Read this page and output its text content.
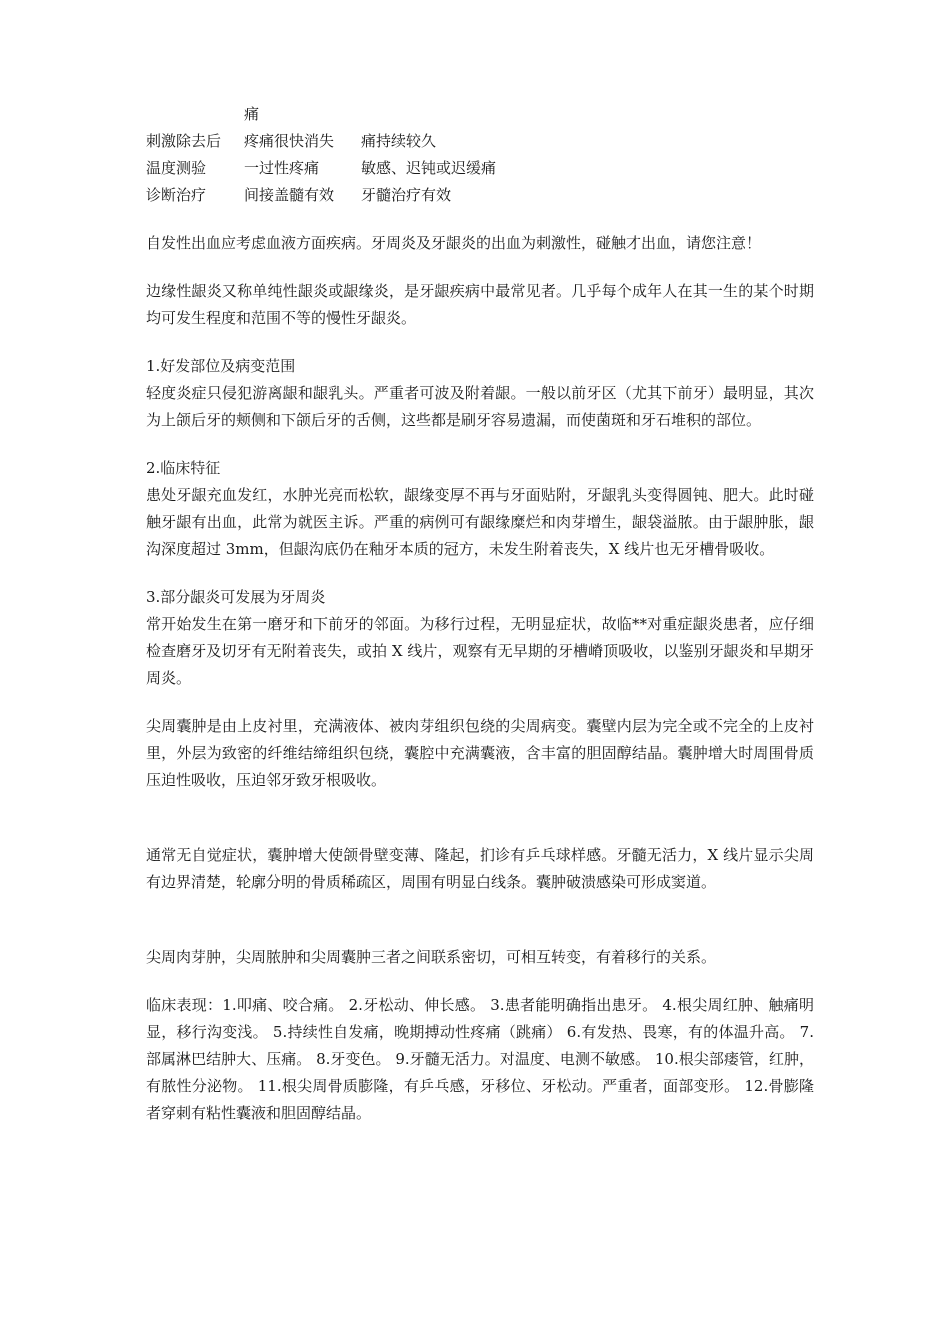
痛
刺激除去后	疼痛很快消失	痛持续较久
温度测验	一过性疼痛	敏感、迟钝或迟缓痛
诊断治疗	间接盖髓有效	牙髓治疗有效

自发性出血应考虑血液方面疾病。牙周炎及牙龈炎的出血为刺激性，碰触才出血，请您注意！

边缘性龈炎又称单纯性龈炎或龈缘炎，是牙龈疾病中最常见者。几乎每个成年人在其一生的某个时期均可发生程度和范围不等的慢性牙龈炎。

1.好发部位及病变范围

轻度炎症只侵犯游离龈和龈乳头。严重者可波及附着龈。一般以前牙区（尤其下前牙）最明显，其次为上颌后牙的颊侧和下颌后牙的舌侧，这些都是刷牙容易遗漏，而使菌斑和牙石堆积的部位。

2.临床特征

患处牙龈充血发红，水肿光亮而松软，龈缘变厚不再与牙面贴附，牙龈乳头变得圆钝、肥大。此时碰触牙龈有出血，此常为就医主诉。严重的病例可有龈缘糜烂和肉芽增生，龈袋溢脓。由于龈肿胀，龈沟深度超过 3mm，但龈沟底仍在釉牙本质的冠方，未发生附着丧失，X 线片也无牙槽骨吸收。

3.部分龈炎可发展为牙周炎

常开始发生在第一磨牙和下前牙的邻面。为移行过程，无明显症状，故临**对重症龈炎患者，应仔细检查磨牙及切牙有无附着丧失，或拍 X 线片，观察有无早期的牙槽嵴顶吸收，以鉴别牙龈炎和早期牙周炎。

尖周囊肿是由上皮衬里，充满液体、被肉芽组织包绕的尖周病变。囊壁内层为完全或不完全的上皮衬里，外层为致密的纤维结缔组织包绕，囊腔中充满囊液，含丰富的胆固醇结晶。囊肿增大时周围骨质压迫性吸收，压迫邻牙致牙根吸收。

通常无自觉症状，囊肿增大使颌骨壁变薄、隆起，扪诊有乒乓球样感。牙髓无活力，X 线片显示尖周有边界清楚，轮廓分明的骨质稀疏区，周围有明显白线条。囊肿破溃感染可形成窦道。

尖周肉芽肿，尖周脓肿和尖周囊肿三者之间联系密切，可相互转变，有着移行的关系。

临床表现：1.叩痛、咬合痛。 2.牙松动、伸长感。 3.患者能明确指出患牙。 4.根尖周红肿、触痛明显，移行沟变浅。 5.持续性自发痛，晚期搏动性疼痛（跳痛） 6.有发热、畏寒，有的体温升高。 7.部属淋巴结肿大、压痛。 8.牙变色。 9.牙髓无活力。对温度、电测不敏感。 10.根尖部瘘管，红肿，有脓性分泌物。 11.根尖周骨质膨隆，有乒乓感，牙移位、牙松动。严重者，面部变形。 12.骨膨隆者穿刺有粘性囊液和胆固醇结晶。
